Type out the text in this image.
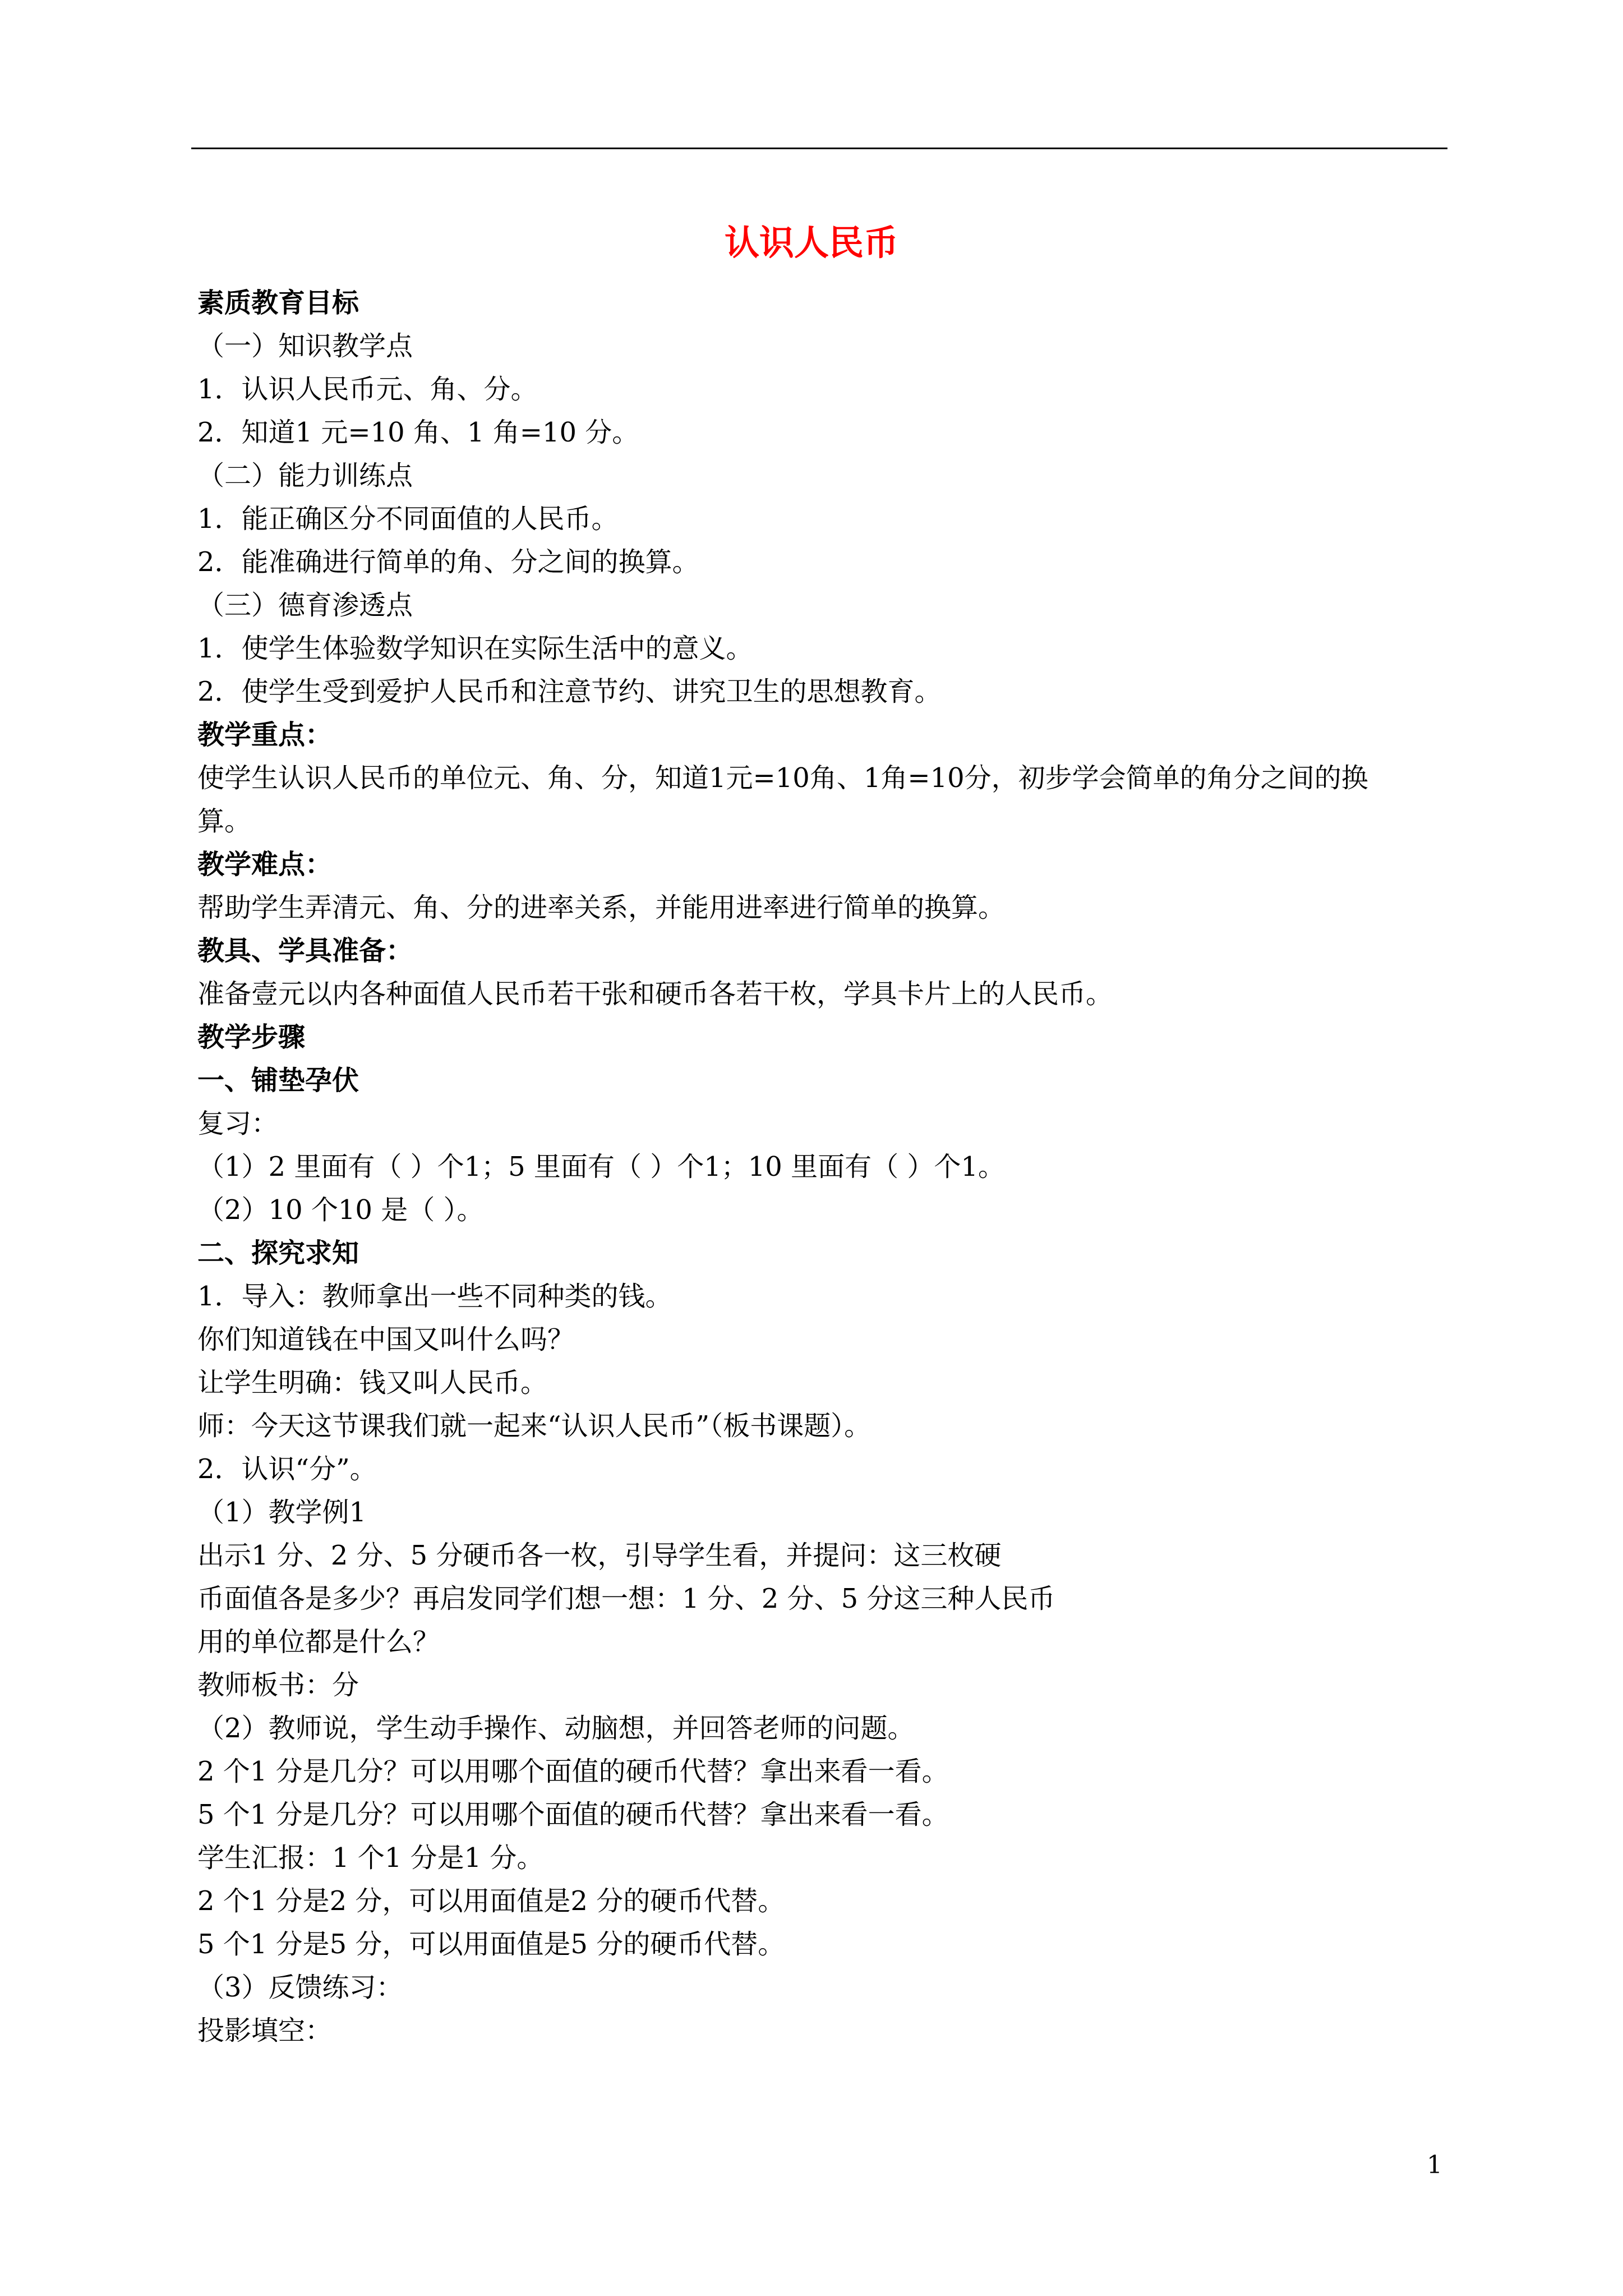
认识人民币

素质教育目标

（一）知识教学点

1．认识人民币元、角、分。

2．知道1 元=10 角、1 角=10 分。

（二）能力训练点

1．能正确区分不同面值的人民币。

2．能准确进行简单的角、分之间的换算。

（三）德育渗透点

1．使学生体验数学知识在实际生活中的意义。

2．使学生受到爱护人民币和注意节约、讲究卫生的思想教育。

教学重点：

使学生认识人民币的单位元、角、分，知道1元=10角、1角=10分，初步学会简单的角分之间的换

算。

教学难点：

帮助学生弄清元、角、分的进率关系，并能用进率进行简单的换算。

教具、学具准备：

准备壹元以内各种面值人民币若干张和硬币各若干枚，学具卡片上的人民币。

教学步骤

一、铺垫孕伏

复习：

（1）2 里面有（ ）个1；5 里面有（ ）个1；10 里面有（ ）个1。

（2）10 个10 是（ ）。

二、探究求知

1．导入：教师拿出一些不同种类的钱。

你们知道钱在中国又叫什么吗？

让学生明确：钱又叫人民币。

师：今天这节课我们就一起来“认识人民币”（板书课题）。

2．认识“分”。

（1）教学例1

出示1 分、2 分、5 分硬币各一枚，引导学生看，并提问：这三枚硬

币面值各是多少？再启发同学们想一想：1 分、2 分、5 分这三种人民币

用的单位都是什么？

教师板书：分

（2）教师说，学生动手操作、动脑想，并回答老师的问题。

2 个1 分是几分？可以用哪个面值的硬币代替？拿出来看一看。

5 个1 分是几分？可以用哪个面值的硬币代替？拿出来看一看。

学生汇报：1 个1 分是1 分。

2 个1 分是2 分，可以用面值是2 分的硬币代替。

5 个1 分是5 分，可以用面值是5 分的硬币代替。

（3）反馈练习：

投影填空：

1
